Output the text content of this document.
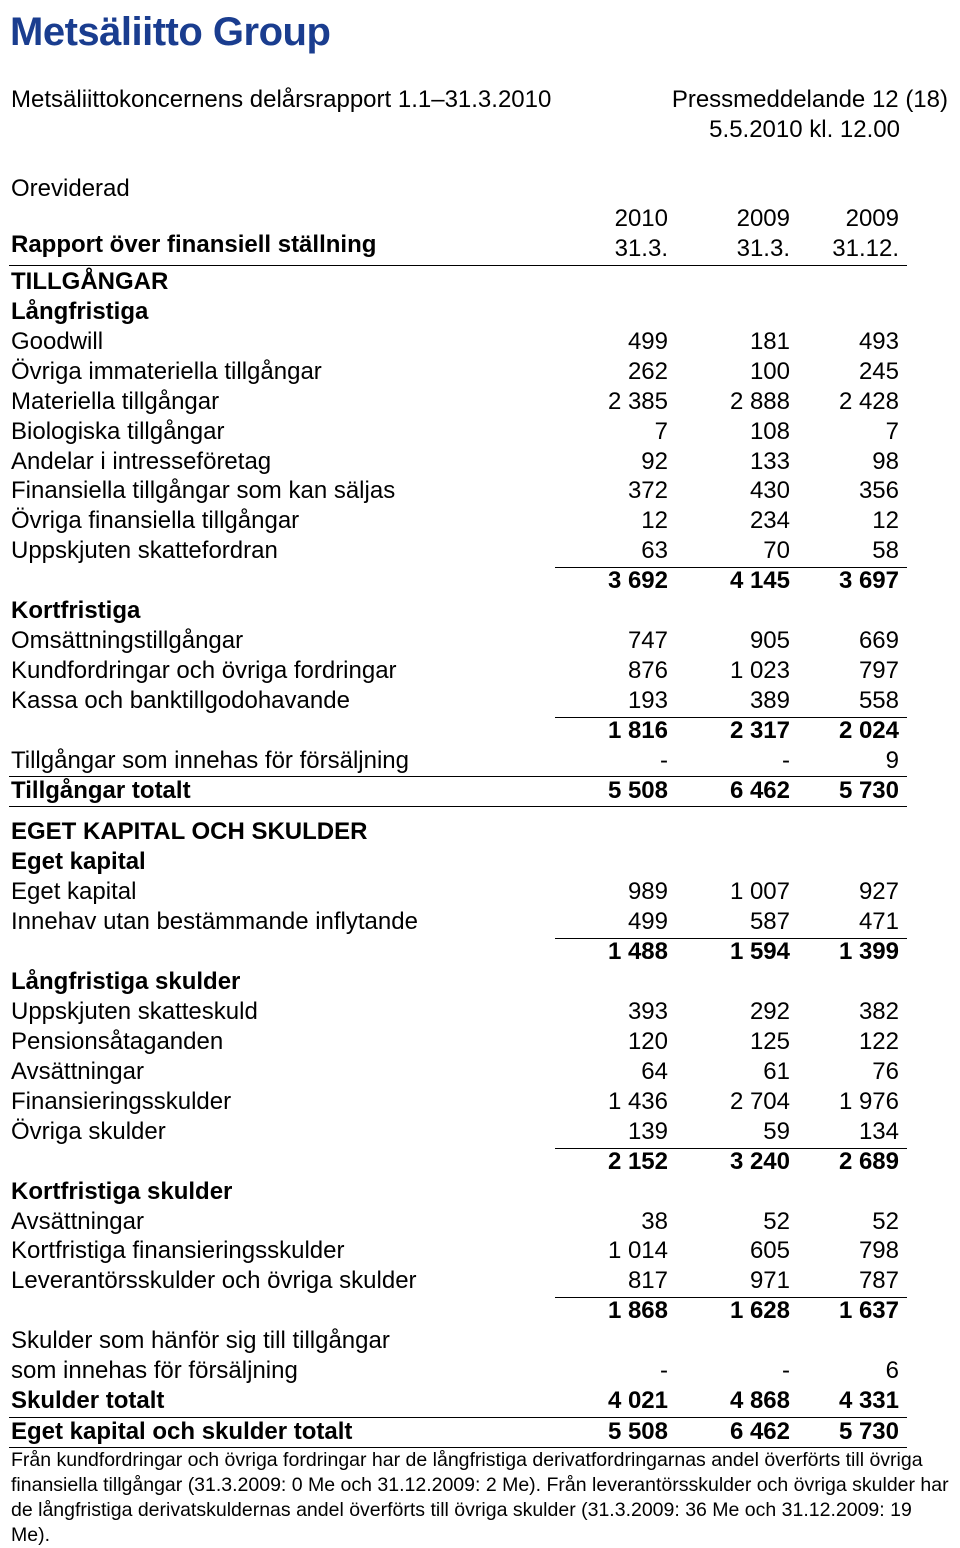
Metsäliitto Group
Metsäliittokoncernens delårsrapport 1.1–31.3.2010	Pressmeddelande 12 (18)
5.5.2010 kl. 12.00
Oreviderad
Rapport över finansiell ställning
2010	2009	2009
31.3.	31.3.	31.12.
TILLGÅNGAR
Långfristiga
Goodwill	499	181	493
Övriga immateriella tillgångar	262	100	245
Materiella tillgångar	2 385	2 888	2 428
Biologiska tillgångar	7	108	7
Andelar i intresseföretag	92	133	98
Finansiella tillgångar som kan säljas	372	430	356
Övriga finansiella tillgångar	12	234	12
Uppskjuten skattefordran	63	70	58
3 692	4 145	3 697
Kortfristiga
Omsättningstillgångar	747	905	669
Kundfordringar och övriga fordringar	876	1 023	797
Kassa och banktillgodohavande	193	389	558
1 816	2 317	2 024
Tillgångar som innehas för försäljning	-	-	9
Tillgångar totalt	5 508	6 462	5 730
EGET KAPITAL OCH SKULDER
Eget kapital
Eget kapital	989	1 007	927
Innehav utan bestämmande inflytande	499	587	471
1 488	1 594	1 399
Långfristiga skulder
Uppskjuten skatteskuld	393	292	382
Pensionsåtaganden	120	125	122
Avsättningar	64	61	76
Finansieringsskulder	1 436	2 704	1 976
Övriga skulder	139	59	134
2 152	3 240	2 689
Kortfristiga skulder
Avsättningar	38	52	52
Kortfristiga finansieringsskulder	1 014	605	798
Leverantörsskulder och övriga skulder	817	971	787
1 868	1 628	1 637
Skulder som hänför sig till tillgångar
som innehas för försäljning	-	-	6
Skulder totalt	4 021	4 868	4 331
Eget kapital och skulder totalt	5 508	6 462	5 730
Från kundfordringar och övriga fordringar har de långfristiga derivatfordringarnas andel överförts till övriga finansiella tillgångar (31.3.2009: 0 Me och 31.12.2009: 2 Me). Från leverantörsskulder och övriga skulder har de långfristiga derivatskuldernas andel överförts till övriga skulder (31.3.2009: 36 Me och 31.12.2009: 19 Me).
